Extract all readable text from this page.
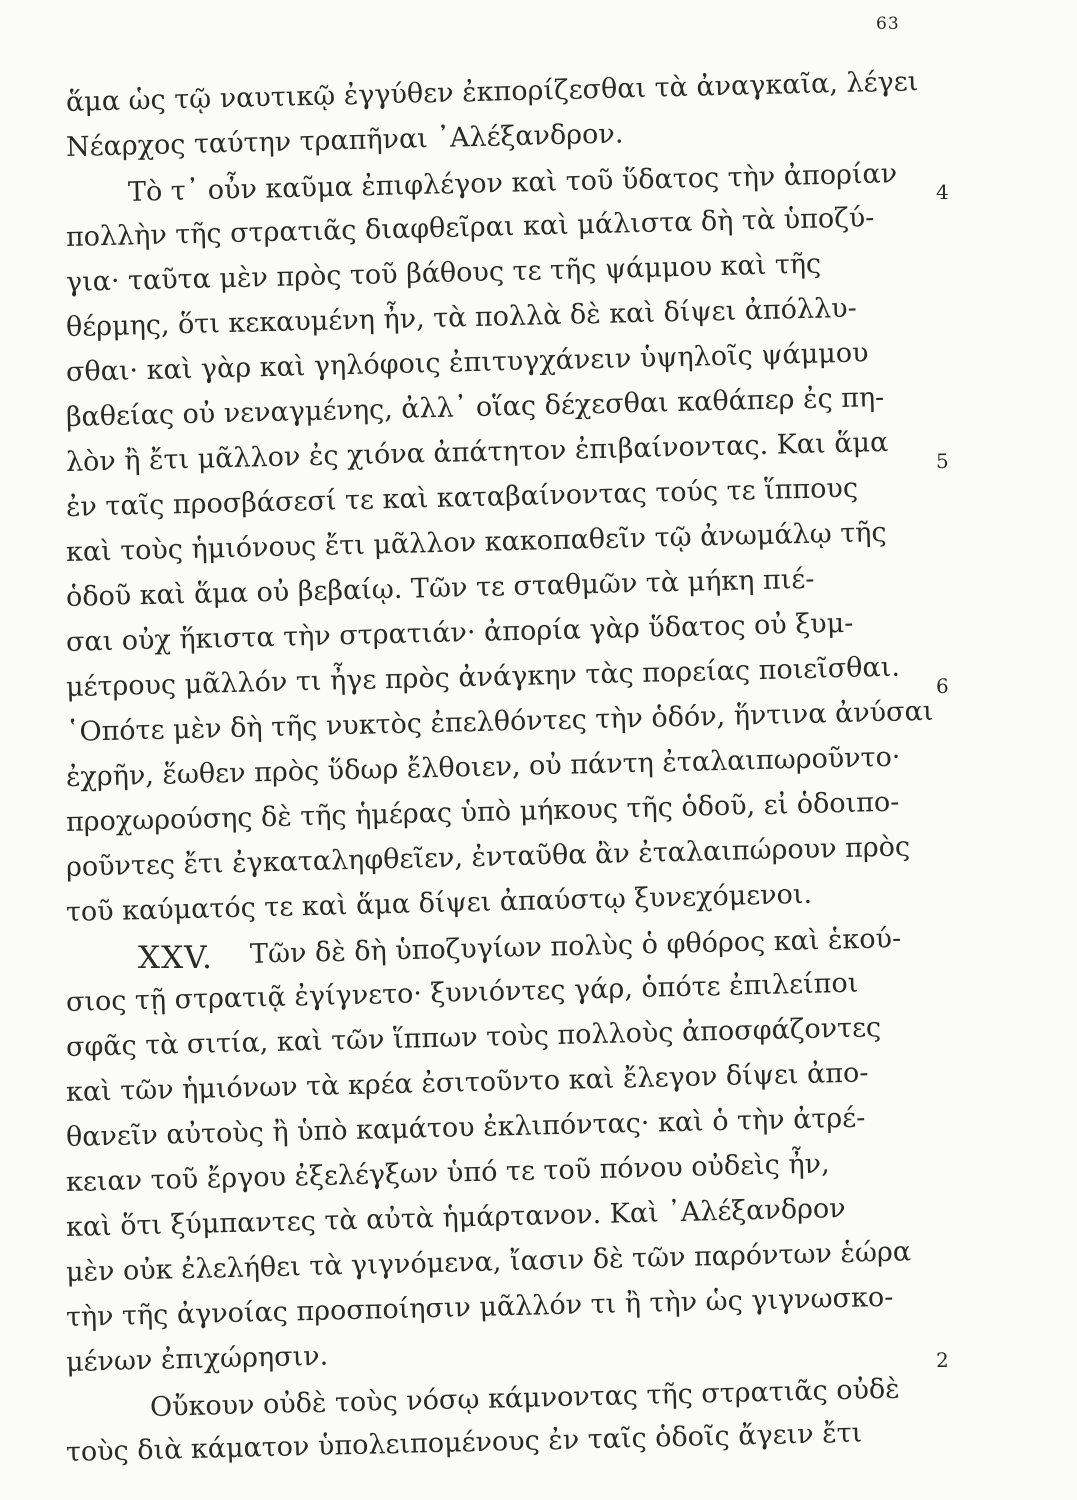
63
ἅμα ὡς τῷ ναυτικῷ ἐγγύθεν ἐκπορίζεσθαι τὰ ἀναγκαῖα, λέγει
Νέαρχος ταύτην τραπῆναι ᾿Αλέξανδρον.
Τὸ τ᾿ οὖν καῦμα ἐπιφλέγον καὶ τοῦ ὕδατος τὴν ἀπορίαν
πολλὴν τῆς στρατιᾶς διαφθεῖραι καὶ μάλιστα δὴ τὰ ὑποζύ-
για· ταῦτα μὲν πρὸς τοῦ βάθους τε τῆς ψάμμου καὶ τῆς
θέρμης, ὅτι κεκαυμένη ἦν, τὰ πολλὰ δὲ καὶ δίψει ἀπόλλυ-
σθαι· καὶ γὰρ καὶ γηλόφοις ἐπιτυγχάνειν ὑψηλοῖς ψάμμου
βαθείας οὐ νεναγμένης, ἀλλ᾿ οἵας δέχεσθαι καθάπερ ἐς πη-
λὸν ἢ ἔτι μᾶλλον ἐς χιόνα ἀπάτητον ἐπιβαίνοντας. Και ἅμα
ἐν ταῖς προσβάσεσί τε καὶ καταβαίνοντας τούς τε ἵππους
καὶ τοὺς ἡμιόνους ἔτι μᾶλλον κακοπαθεῖν τῷ ἀνωμάλῳ τῆς
ὁδοῦ καὶ ἅμα οὐ βεβαίῳ. Τῶν τε σταθμῶν τὰ μήκη πιέ-
σαι οὐχ ἥκιστα τὴν στρατιάν· ἀπορία γὰρ ὕδατος οὐ ξυμ-
μέτρους μᾶλλόν τι ἦγε πρὸς ἀνάγκην τὰς πορείας ποιεῖσθαι.
῾Οπότε μὲν δὴ τῆς νυκτὸς ἐπελθόντες τὴν ὁδόν, ἥντινα ἀνύσαι
ἐχρῆν, ἕωθεν πρὸς ὕδωρ ἔλθοιεν, οὐ πάντη ἐταλαιπωροῦντο·
προχωρούσης δὲ τῆς ἡμέρας ὑπὸ μήκους τῆς ὁδοῦ, εἰ ὁδοιπο-
ροῦντες ἔτι ἐγκαταληφθεῖεν, ἐνταῦθα ἂν ἐταλαιπώρουν πρὸς
τοῦ καύματός τε καὶ ἅμα δίψει ἀπαύστῳ ξυνεχόμενοι.
XXV.	Τῶν δὲ δὴ ὑποζυγίων πολὺς ὁ φθόρος καὶ ἑκού-
σιος τῇ στρατιᾷ ἐγίγνετο· ξυνιόντες γάρ, ὁπότε ἐπιλείποι
σφᾶς τὰ σιτία, καὶ τῶν ἵππων τοὺς πολλοὺς ἀποσφάζοντες
καὶ τῶν ἡμιόνων τὰ κρέα ἐσιτοῦντο καὶ ἔλεγον δίψει ἀπο-
θανεῖν αὐτοὺς ἢ ὑπὸ καμάτου ἐκλιπόντας· καὶ ὁ τὴν ἀτρέ-
κειαν τοῦ ἔργου ἐξελέγξων ὑπό τε τοῦ πόνου οὐδεὶς ἦν,
καὶ ὅτι ξύμπαντες τὰ αὐτὰ ἡμάρτανον. Καὶ ᾿Αλέξανδρον
μὲν οὐκ ἐλελήθει τὰ γιγνόμενα, ἴασιν δὲ τῶν παρόντων ἑώρα
τὴν τῆς ἀγνοίας προσποίησιν μᾶλλόν τι ἢ τὴν ὡς γιγνωσκο-
μένων ἐπιχώρησιν.
Οὔκουν οὐδὲ τοὺς νόσῳ κάμνοντας τῆς στρατιᾶς οὐδὲ
τοὺς διὰ κάματον ὑπολειπομένους ἐν ταῖς ὁδοῖς ἄγειν ἔτι
4
5
6
2
